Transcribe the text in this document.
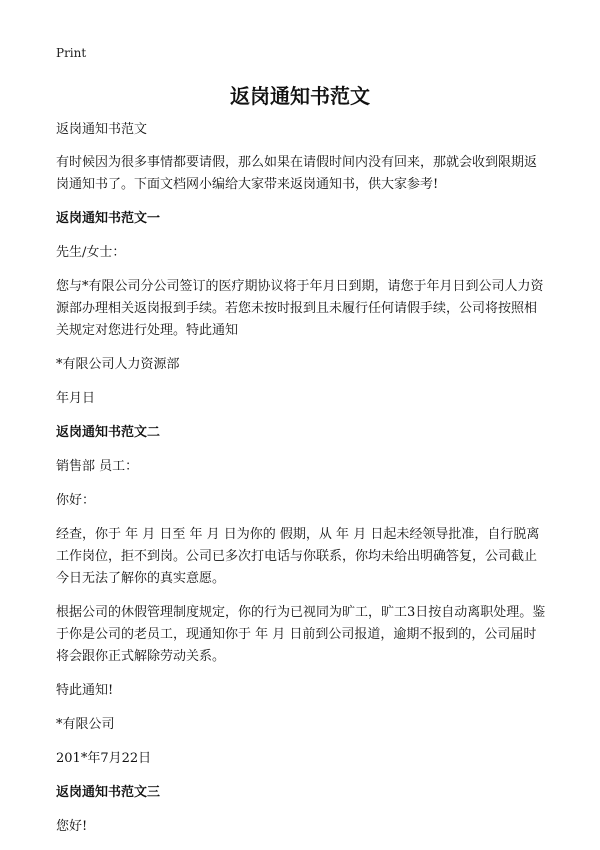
Print
返岗通知书范文

返岗通知书范文

有时候因为很多事情都要请假，那么如果在请假时间内没有回来，那就会收到限期返岗通知书了。下面文档网小编给大家带来返岗通知书，供大家参考!

返岗通知书范文一

先生/女士：

您与*有限公司分公司签订的医疗期协议将于年月日到期，请您于年月日到公司人力资源部办理相关返岗报到手续。若您未按时报到且未履行任何请假手续，公司将按照相关规定对您进行处理。特此通知

*有限公司人力资源部

年月日

返岗通知书范文二

销售部 员工：

你好：

经查，你于 年 月 日至 年 月 日为你的 假期，从 年 月 日起未经领导批准，自行脱离工作岗位，拒不到岗。公司已多次打电话与你联系，你均未给出明确答复，公司截止今日无法了解你的真实意愿。

根据公司的休假管理制度规定，你的行为已视同为旷工，旷工3日按自动离职处理。鉴于你是公司的老员工，现通知你于 年 月 日前到公司报道，逾期不报到的，公司届时将会跟你正式解除劳动关系。

特此通知!

*有限公司

201*年7月22日

返岗通知书范文三

您好!
